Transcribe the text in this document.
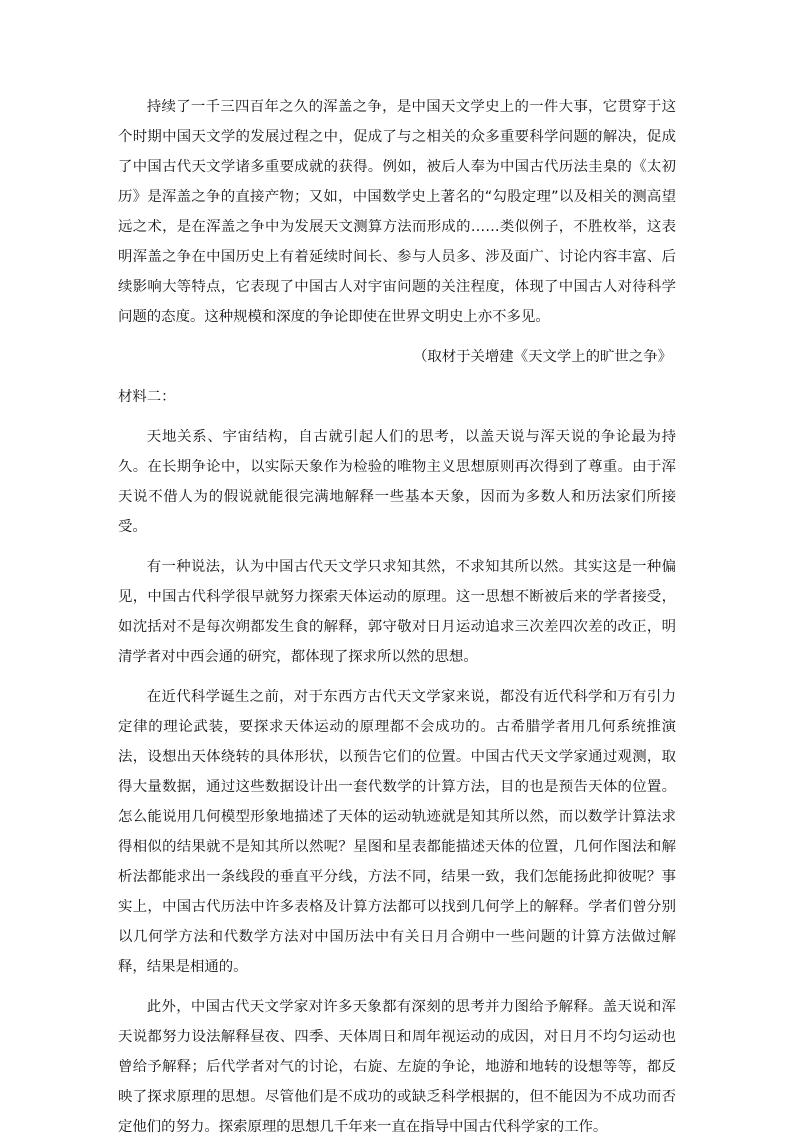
持续了一千三四百年之久的浑盖之争，是中国天文学史上的一件大事，它贯穿于这个时期中国天文学的发展过程之中，促成了与之相关的众多重要科学问题的解决，促成了中国古代天文学诸多重要成就的获得。例如，被后人奉为中国古代历法圭臬的《太初历》是浑盖之争的直接产物；又如，中国数学史上著名的“勾股定理”以及相关的测高望远之术，是在浑盖之争中为发展天文测算方法而形成的……类似例子，不胜枚举，这表明浑盖之争在中国历史上有着延续时间长、参与人员多、涉及面广、讨论内容丰富、后续影响大等特点，它表现了中国古人对宇宙问题的关注程度，体现了中国古人对待科学问题的态度。这种规模和深度的争论即使在世界文明史上亦不多见。

（取材于关增建《天文学上的旷世之争》

材料二：

天地关系、宇宙结构，自古就引起人们的思考，以盖天说与浑天说的争论最为持久。在长期争论中，以实际天象作为检验的唯物主义思想原则再次得到了尊重。由于浑天说不借人为的假说就能很完满地解释一些基本天象，因而为多数人和历法家们所接受。

有一种说法，认为中国古代天文学只求知其然，不求知其所以然。其实这是一种偏见，中国古代科学很早就努力探索天体运动的原理。这一思想不断被后来的学者接受，如沈括对不是每次朔都发生食的解释，郭守敬对日月运动追求三次差四次差的改正，明清学者对中西会通的研究，都体现了探求所以然的思想。

在近代科学诞生之前，对于东西方古代天文学家来说，都没有近代科学和万有引力定律的理论武装，要探求天体运动的原理都不会成功的。古希腊学者用几何系统推演法，设想出天体绕转的具体形状，以预告它们的位置。中国古代天文学家通过观测，取得大量数据，通过这些数据设计出一套代数学的计算方法，目的也是预告天体的位置。怎么能说用几何模型形象地描述了天体的运动轨迹就是知其所以然，而以数学计算法求得相似的结果就不是知其所以然呢？星图和星表都能描述天体的位置，几何作图法和解析法都能求出一条线段的垂直平分线，方法不同，结果一致，我们怎能扬此抑彼呢？事实上，中国古代历法中许多表格及计算方法都可以找到几何学上的解释。学者们曾分别以几何学方法和代数学方法对中国历法中有关日月合朔中一些问题的计算方法做过解释，结果是相通的。

此外，中国古代天文学家对许多天象都有深刻的思考并力图给予解释。盖天说和浑天说都努力设法解释昼夜、四季、天体周日和周年视运动的成因，对日月不均匀运动也曾给予解释；后代学者对气的讨论，右旋、左旋的争论，地游和地转的设想等等，都反映了探求原理的思想。尽管他们是不成功的或缺乏科学根据的，但不能因为不成功而否定他们的努力。探索原理的思想几千年来一直在指导中国古代科学家的工作。
